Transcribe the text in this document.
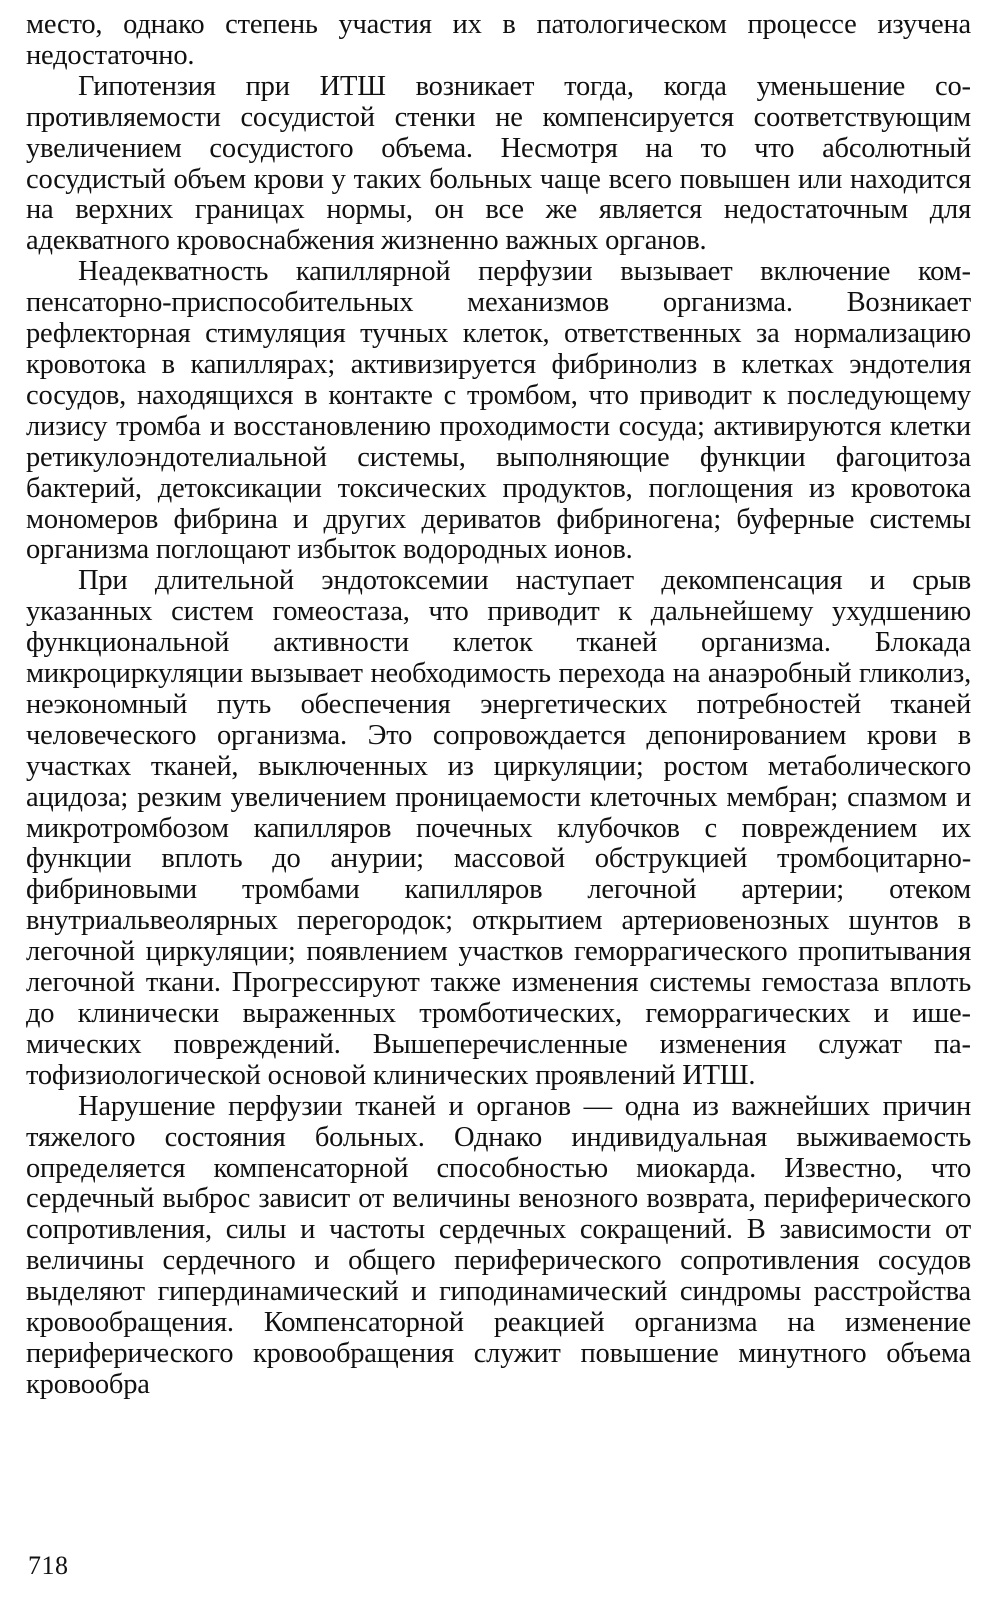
место, однако степень участия их в патологическом процессе изучена недостаточно.

Гипотензия при ИТШ возникает тогда, когда уменьшение сопротивляемости сосудистой стенки не компенсируется соответствующим увеличением сосудистого объема. Несмотря на то что абсолютный сосудистый объем крови у таких больных чаще всего повышен или находится на верхних границах нормы, он все же является недостаточным для адекватного кровоснабжения жизненно важных органов.

Неадекватность капиллярной перфузии вызывает включение компенсаторно-приспособительных механизмов организма. Возникает рефлекторная стимуляция тучных клеток, ответственных за нормализацию кровотока в капиллярах; активизируется фибринолиз в клетках эндотелия сосудов, находящихся в контакте с тромбом, что приводит к последующему лизису тромба и восстановлению проходимости сосуда; активируются клетки ретикулоэндотелиальной системы, выполняющие функции фагоцитоза бактерий, детоксикации токсических продуктов, поглощения из кровотока мономеров фибрина и других дериватов фибриногена; буферные системы организма поглощают избыток водородных ионов.

При длительной эндотоксемии наступает декомпенсация и срыв указанных систем гомеостаза, что приводит к дальнейшему ухудшению функциональной активности клеток тканей организма. Блокада микроциркуляции вызывает необходимость перехода на анаэробный гликолиз, неэкономный путь обеспечения энергетических потребностей тканей человеческого организма. Это сопровождается депонированием крови в участках тканей, выключенных из циркуляции; ростом метаболического ацидоза; резким увеличением проницаемости клеточных мембран; спазмом и микротромбозом капилляров почечных клубочков с повреждением их функции вплоть до анурии; массовой обструкцией тромбоцитарно-фибриновыми тромбами капилляров легочной артерии; отеком внутриальвеолярных перегородок; открытием артериовенозных шунтов в легочной циркуляции; появлением участков геморрагического пропитывания легочной ткани. Прогрессируют также изменения системы гемостаза вплоть до клинически выраженных тромботических, геморрагических и ишемических повреждений. Вышеперечисленные изменения служат патофизиологической основой клинических проявлений ИТШ.

Нарушение перфузии тканей и органов — одна из важнейших причин тяжелого состояния больных. Однако индивидуальная выживаемость определяется компенсаторной способностью миокарда. Известно, что сердечный выброс зависит от величины венозного возврата, периферического сопротивления, силы и частоты сердечных сокращений. В зависимости от величины сердечного и общего периферического сопротивления сосудов выделяют гипердинамический и гиподинамический синдромы расстройства кровообращения. Компенсаторной реакцией организма на изменение периферического кровообращения служит повышение минутного объема кровообра

718
